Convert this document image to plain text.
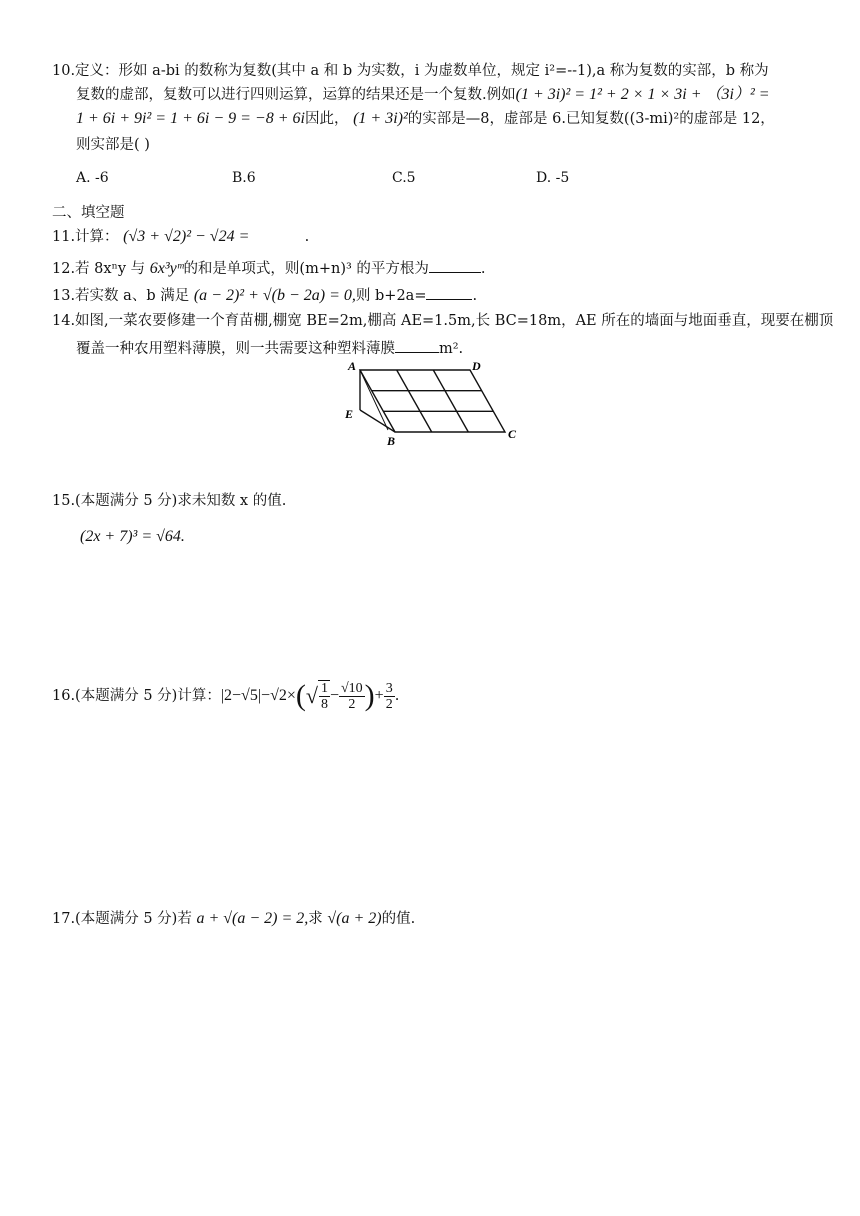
10.定义：形如 a-bi 的数称为复数(其中 a 和 b 为实数，i 为虚数单位，规定 i²=--1),a 称为复数的实部，b 称为
复数的虚部，复数可以进行四则运算，运算的结果还是一个复数.例如(1 + 3i)² = 1² + 2 × 1 × 3i + （3i）² =
1 + 6i + 9i² = 1 + 6i − 9 = −8 + 6i因此， (1 + 3i)²的实部是—8，虚部是 6.已知复数((3-mi)²的虚部是 12，
则实部是( )
A. -6	B.6	C.5	D. -5
二、填空题
11.计算： (√3 + √2)² − √24 =	.
12.若 8xⁿy 与 6x³yᵐ的和是单项式，则(m+n)³ 的平方根为	.
13.若实数 a、b 满足 (a − 2)² + √(b − 2a) = 0,则 b+2a=	.
14.如图,一菜农要修建一个育苗棚,棚宽 BE=2m,棚高 AE=1.5m,长 BC=18m，AE 所在的墙面与地面垂直，现要在棚顶
覆盖一种农用塑料薄膜，则一共需要这种塑料薄膜	m².
A	D
E
B	C
15.(本题满分 5 分)求未知数 x 的值.
(2x + 7)³ = √64.
16.(本题满分 5 分)计算：$|2-√5|-√2\times(√ \frac{1}{8} - \frac{√10}{2}$ )+ $\frac{3}{2}$ .
17.(本题满分 5 分)若 a + √(a − 2) = 2,求 √(a + 2)的值.
